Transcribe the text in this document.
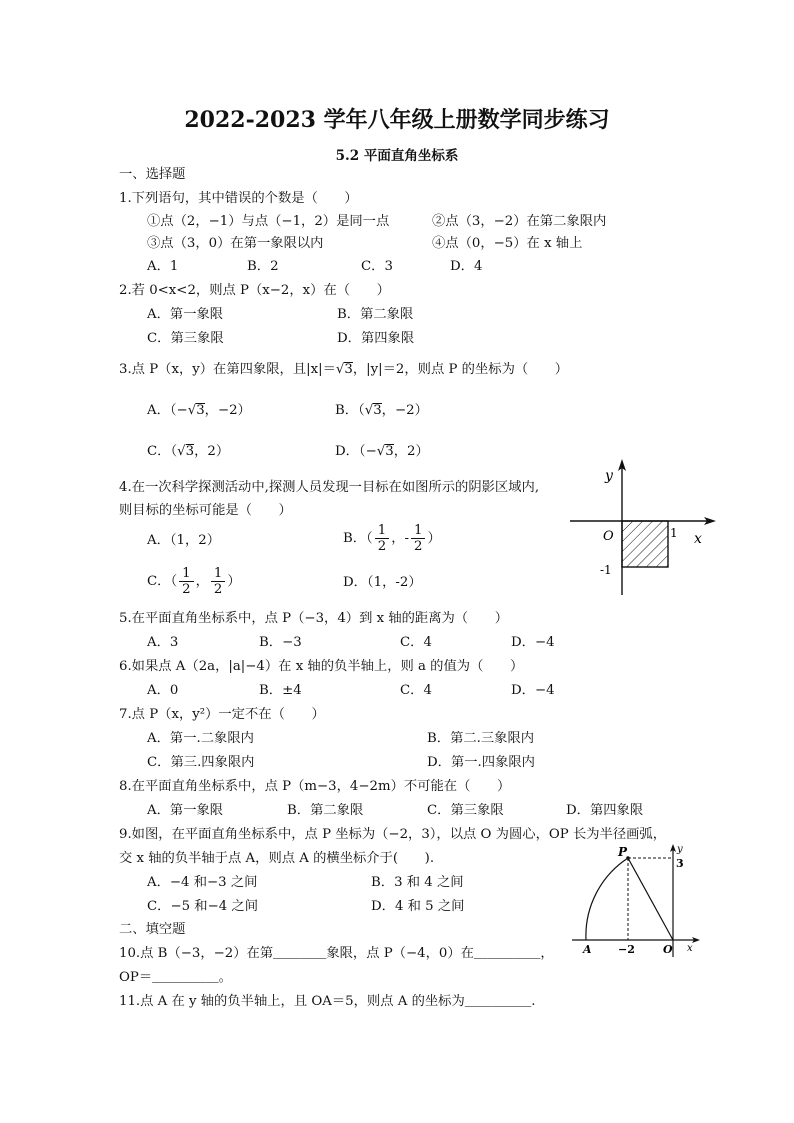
2022-2023 学年八年级上册数学同步练习
5.2 平面直角坐标系
一、选择题
1.下列语句，其中错误的个数是（　　）
①点（2，−1）与点（−1，2）是同一点	②点（3，−2）在第二象限内
③点（3，0）在第一象限以内	④点（0，−5）在 x 轴上
A．1	B．2	C．3	D．4
2.若 0<x<2，则点 P（x−2，x）在（　　）
A．第一象限	B．第二象限
C．第三象限	D．第四象限
3.点 P（x，y）在第四象限，且|x|＝√3，|y|＝2，则点 P 的坐标为（　　）
A．（−√3，−2）	B．（√3，−2）
C．（√3，2）	D．（−√3，2）
4.在一次科学探测活动中,探测人员发现一目标在如图所示的阴影区域内,
则目标的坐标可能是（　　）
A．（1，2）	B．（ $\frac{1}{2}$ ，- $\frac{1}{2}$ ）
C．（ $\frac{1}{2}$ ， $\frac{1}{2}$ ）	D．（1，-2）
y
O	1 x
-1
5.在平面直角坐标系中，点 P（−3，4）到 x 轴的距离为（　　）
A．3	B．−3	C．4	D．−4
6.如果点 A（2a，|a|−4）在 x 轴的负半轴上，则 a 的值为（　　）
A．0	B．±4	C．4	D．−4
7.点 P（x，y²）一定不在（　　）
A．第一.二象限内	B．第二.三象限内
C．第三.四象限内	D．第一.四象限内
8.在平面直角坐标系中，点 P（m−3，4−2m）不可能在（　　）
A．第一象限	B．第二象限	C．第三象限	D．第四象限
9.如图，在平面直角坐标系中，点 P 坐标为（−2，3），以点 O 为圆心，OP 长为半径画弧，
交 x 轴的负半轴于点 A，则点 A 的横坐标介于(　　).
A．−4 和−3 之间	B．3 和 4 之间
C．−5 和−4 之间	D．4 和 5 之间
P	y
3
A −2	O x
二、填空题
10.点 B（−3，−2）在第＿＿＿＿象限，点 P（−4，0）在＿＿＿＿＿，
OP＝＿＿＿＿＿。
11.点 A 在 y 轴的负半轴上，且 OA＝5，则点 A 的坐标为＿＿＿＿＿.
